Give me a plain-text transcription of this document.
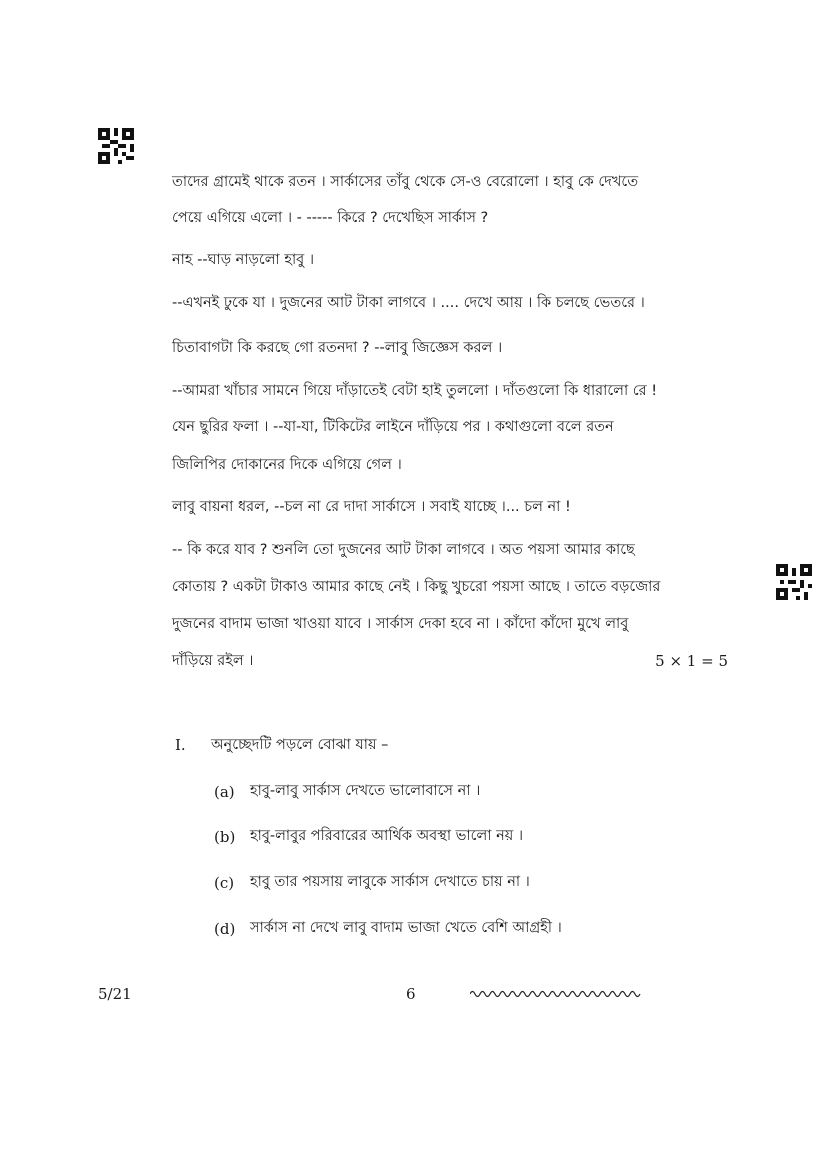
তাদের গ্রামেই থাকে রতন । সার্কাসের তাঁবু থেকে সে-ও বেরোলো । হাবু কে দেখতে
পেয়ে এগিয়ে এলো । - ----- কিরে ? দেখেছিস সার্কাস ?
নাহ --ঘাড় নাড়লো হাবু ।
--এখনই ঢুকে যা । দুজনের আট টাকা লাগবে । .... দেখে আয় । কি চলছে ভেতরে ।
চিতাবাগটা কি করছে গো রতনদা ? --লাবু জিজ্ঞেস করল ।
--আমরা খাঁচার সামনে গিয়ে দাঁড়াতেই বেটা হাই তুললো । দাঁতগুলো কি ধারালো রে !
যেন ছুরির ফলা । --যা-যা, টিকিটের লাইনে দাঁড়িয়ে পর । কথাগুলো বলে রতন
জিলিপির দোকানের দিকে এগিয়ে গেল ।
লাবু বায়না ধরল, --চল না রে দাদা সার্কাসে । সবাই যাচ্ছে ।... চল না !
-- কি করে যাব ? শুনলি তো দুজনের আট টাকা লাগবে । অত পয়সা আমার কাছে
কোতায় ? একটা টাকাও আমার কাছে নেই । কিছু খুচরো পয়সা আছে । তাতে বড়জোর
দুজনের বাদাম ভাজা খাওয়া যাবে । সার্কাস দেকা হবে না । কাঁদো কাঁদো মুখে লাবু
দাঁড়িয়ে রইল ।	5 × 1 = 5
I. অনুচ্ছেদটি পড়লে বোঝা যায় –
(a) হাবু-লাবু সার্কাস দেখতে ভালোবাসে না ।
(b) হাবু-লাবুর পরিবারের আর্থিক অবস্থা ভালো নয় ।
(c) হাবু তার পয়সায় লাবুকে সার্কাস দেখাতে চায় না ।
(d) সার্কাস না দেখে লাবু বাদাম ভাজা খেতে বেশি আগ্রহী ।
5/21	6
